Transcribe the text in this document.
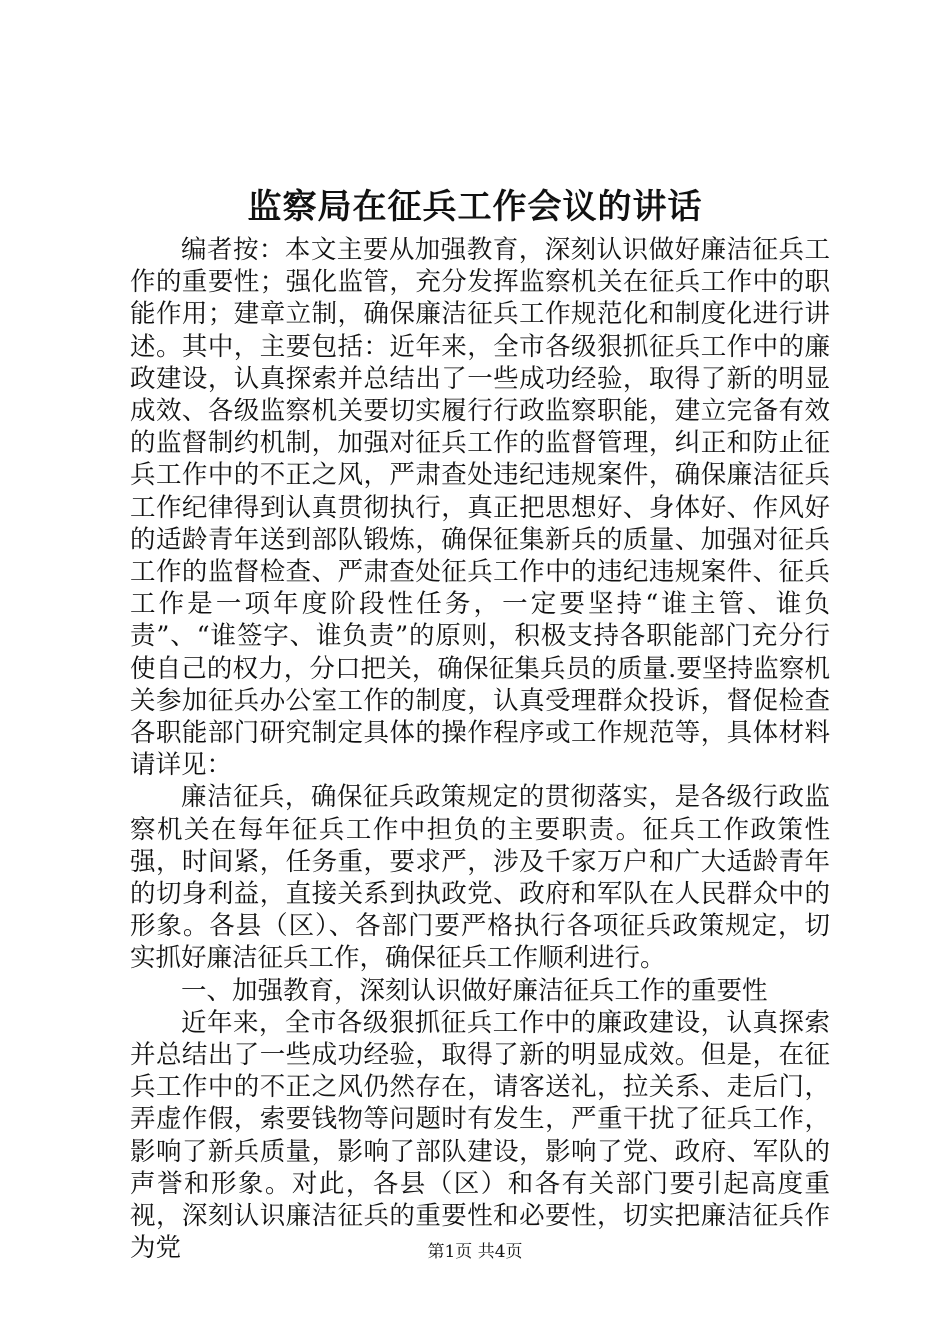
监察局在征兵工作会议的讲话

编者按：本文主要从加强教育，深刻认识做好廉洁征兵工作的重要性；强化监管，充分发挥监察机关在征兵工作中的职能作用；建章立制，确保廉洁征兵工作规范化和制度化进行讲述。其中，主要包括：近年来，全市各级狠抓征兵工作中的廉政建设，认真探索并总结出了一些成功经验，取得了新的明显成效、各级监察机关要切实履行行政监察职能，建立完备有效的监督制约机制，加强对征兵工作的监督管理，纠正和防止征兵工作中的不正之风，严肃查处违纪违规案件，确保廉洁征兵工作纪律得到认真贯彻执行，真正把思想好、身体好、作风好的适龄青年送到部队锻炼，确保征集新兵的质量、加强对征兵工作的监督检查、严肃查处征兵工作中的违纪违规案件、征兵工作是一项年度阶段性任务，一定要坚持“谁主管、谁负责”、“谁签字、谁负责”的原则，积极支持各职能部门充分行使自己的权力，分口把关，确保征集兵员的质量.要坚持监察机关参加征兵办公室工作的制度，认真受理群众投诉，督促检查各职能部门研究制定具体的操作程序或工作规范等，具体材料请详见：

廉洁征兵，确保征兵政策规定的贯彻落实，是各级行政监察机关在每年征兵工作中担负的主要职责。征兵工作政策性强，时间紧，任务重，要求严，涉及千家万户和广大适龄青年的切身利益，直接关系到执政党、政府和军队在人民群众中的形象。各县（区）、各部门要严格执行各项征兵政策规定，切实抓好廉洁征兵工作，确保征兵工作顺利进行。

一、加强教育，深刻认识做好廉洁征兵工作的重要性

近年来，全市各级狠抓征兵工作中的廉政建设，认真探索并总结出了一些成功经验，取得了新的明显成效。但是，在征兵工作中的不正之风仍然存在，请客送礼，拉关系、走后门，弄虚作假，索要钱物等问题时有发生，严重干扰了征兵工作，影响了新兵质量，影响了部队建设，影响了党、政府、军队的声誉和形象。对此，各县（区）和各有关部门要引起高度重视，深刻认识廉洁征兵的重要性和必要性，切实把廉洁征兵作为党	第1页 共4页
